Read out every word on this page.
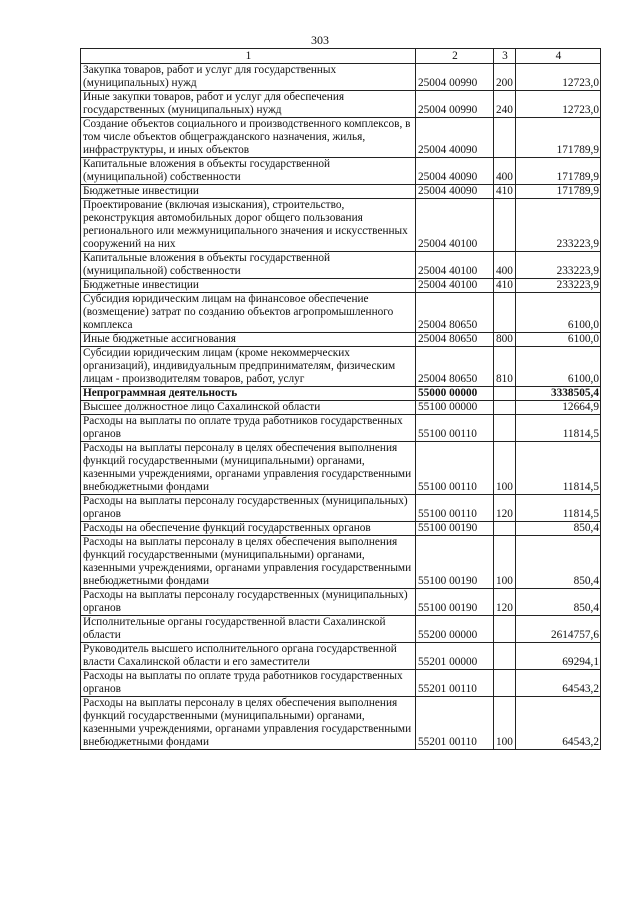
303
1	2	3	4
Закупка товаров, работ и услуг для государственных (муниципальных) нужд	25004 00990	200	12723,0
Иные закупки товаров, работ и услуг для обеспечения государственных (муниципальных) нужд	25004 00990	240	12723,0
Создание объектов социального и производственного комплексов, в том числе объектов общегражданского назначения, жилья, инфраструктуры, и иных объектов	25004 40090		171789,9
Капитальные вложения в объекты государственной (муниципальной) собственности	25004 40090	400	171789,9
Бюджетные инвестиции	25004 40090	410	171789,9
Проектирование (включая изыскания), строительство, реконструкция автомобильных дорог общего пользования регионального или межмуниципального значения и искусственных сооружений на них	25004 40100		233223,9
Капитальные вложения в объекты государственной (муниципальной) собственности	25004 40100	400	233223,9
Бюджетные инвестиции	25004 40100	410	233223,9
Субсидия юридическим лицам на финансовое обеспечение (возмещение) затрат по созданию объектов агропромышленного комплекса	25004 80650		6100,0
Иные бюджетные ассигнования	25004 80650	800	6100,0
Субсидии юридическим лицам (кроме некоммерческих организаций), индивидуальным предпринимателям, физическим лицам - производителям товаров, работ, услуг	25004 80650	810	6100,0
Непрограммная деятельность	55000 00000		3338505,4
Высшее должностное лицо Сахалинской области	55100 00000		12664,9
Расходы на выплаты по оплате труда работников государственных органов	55100 00110		11814,5
Расходы на выплаты персоналу в целях обеспечения выполнения функций государственными (муниципальными) органами, казенными учреждениями, органами управления государственными внебюджетными фондами	55100 00110	100	11814,5
Расходы на выплаты персоналу государственных (муниципальных) органов	55100 00110	120	11814,5
Расходы на обеспечение функций государственных органов	55100 00190		850,4
Расходы на выплаты персоналу в целях обеспечения выполнения функций государственными (муниципальными) органами, казенными учреждениями, органами управления государственными внебюджетными фондами	55100 00190	100	850,4
Расходы на выплаты персоналу государственных (муниципальных) органов	55100 00190	120	850,4
Исполнительные органы государственной власти Сахалинской области	55200 00000		2614757,6
Руководитель высшего исполнительного органа государственной власти Сахалинской области и его заместители	55201 00000		69294,1
Расходы на выплаты по оплате труда работников государственных органов	55201 00110		64543,2
Расходы на выплаты персоналу в целях обеспечения выполнения функций государственными (муниципальными) органами, казенными учреждениями, органами управления государственными внебюджетными фондами	55201 00110	100	64543,2
